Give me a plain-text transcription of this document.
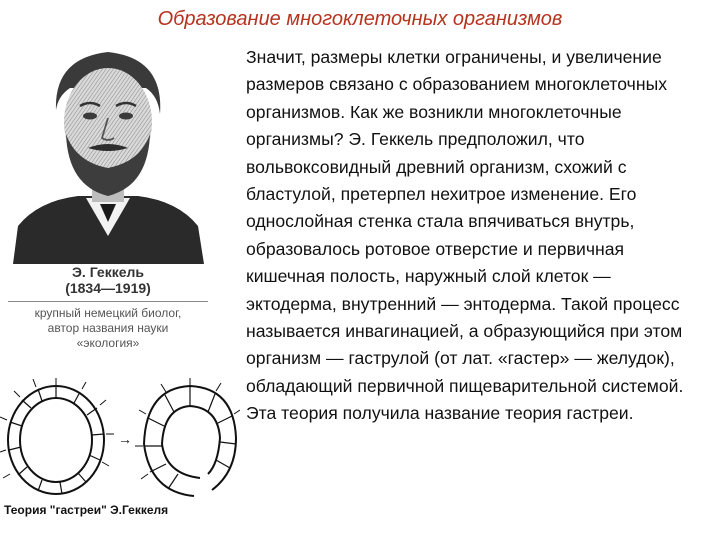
Образование многоклеточных организмов
Э. Геккель
(1834—1919)
крупный немецкий биолог,
автор названия науки
«экология»
→
Теория "гастреи" Э.Геккеля

Значит, размеры клетки ограничены, и увеличение размеров связано с образованием многоклеточных организмов. Как же возникли многоклеточные организмы? Э. Геккель предположил, что вольвоксовидный древний организм, схожий с бластулой, претерпел нехитрое изменение. Его однослойная стенка стала впячиваться внутрь, образовалось ротовое отверстие и первичная кишечная полость, наружный слой клеток — эктодерма, внутренний — энтодерма. Такой процесс называется инвагинацией, а образующийся при этом организм — гаструлой (от лат. «гастер» — желудок), обладающий первичной пищеварительной системой.

Эта теория получила название теория гастреи.
